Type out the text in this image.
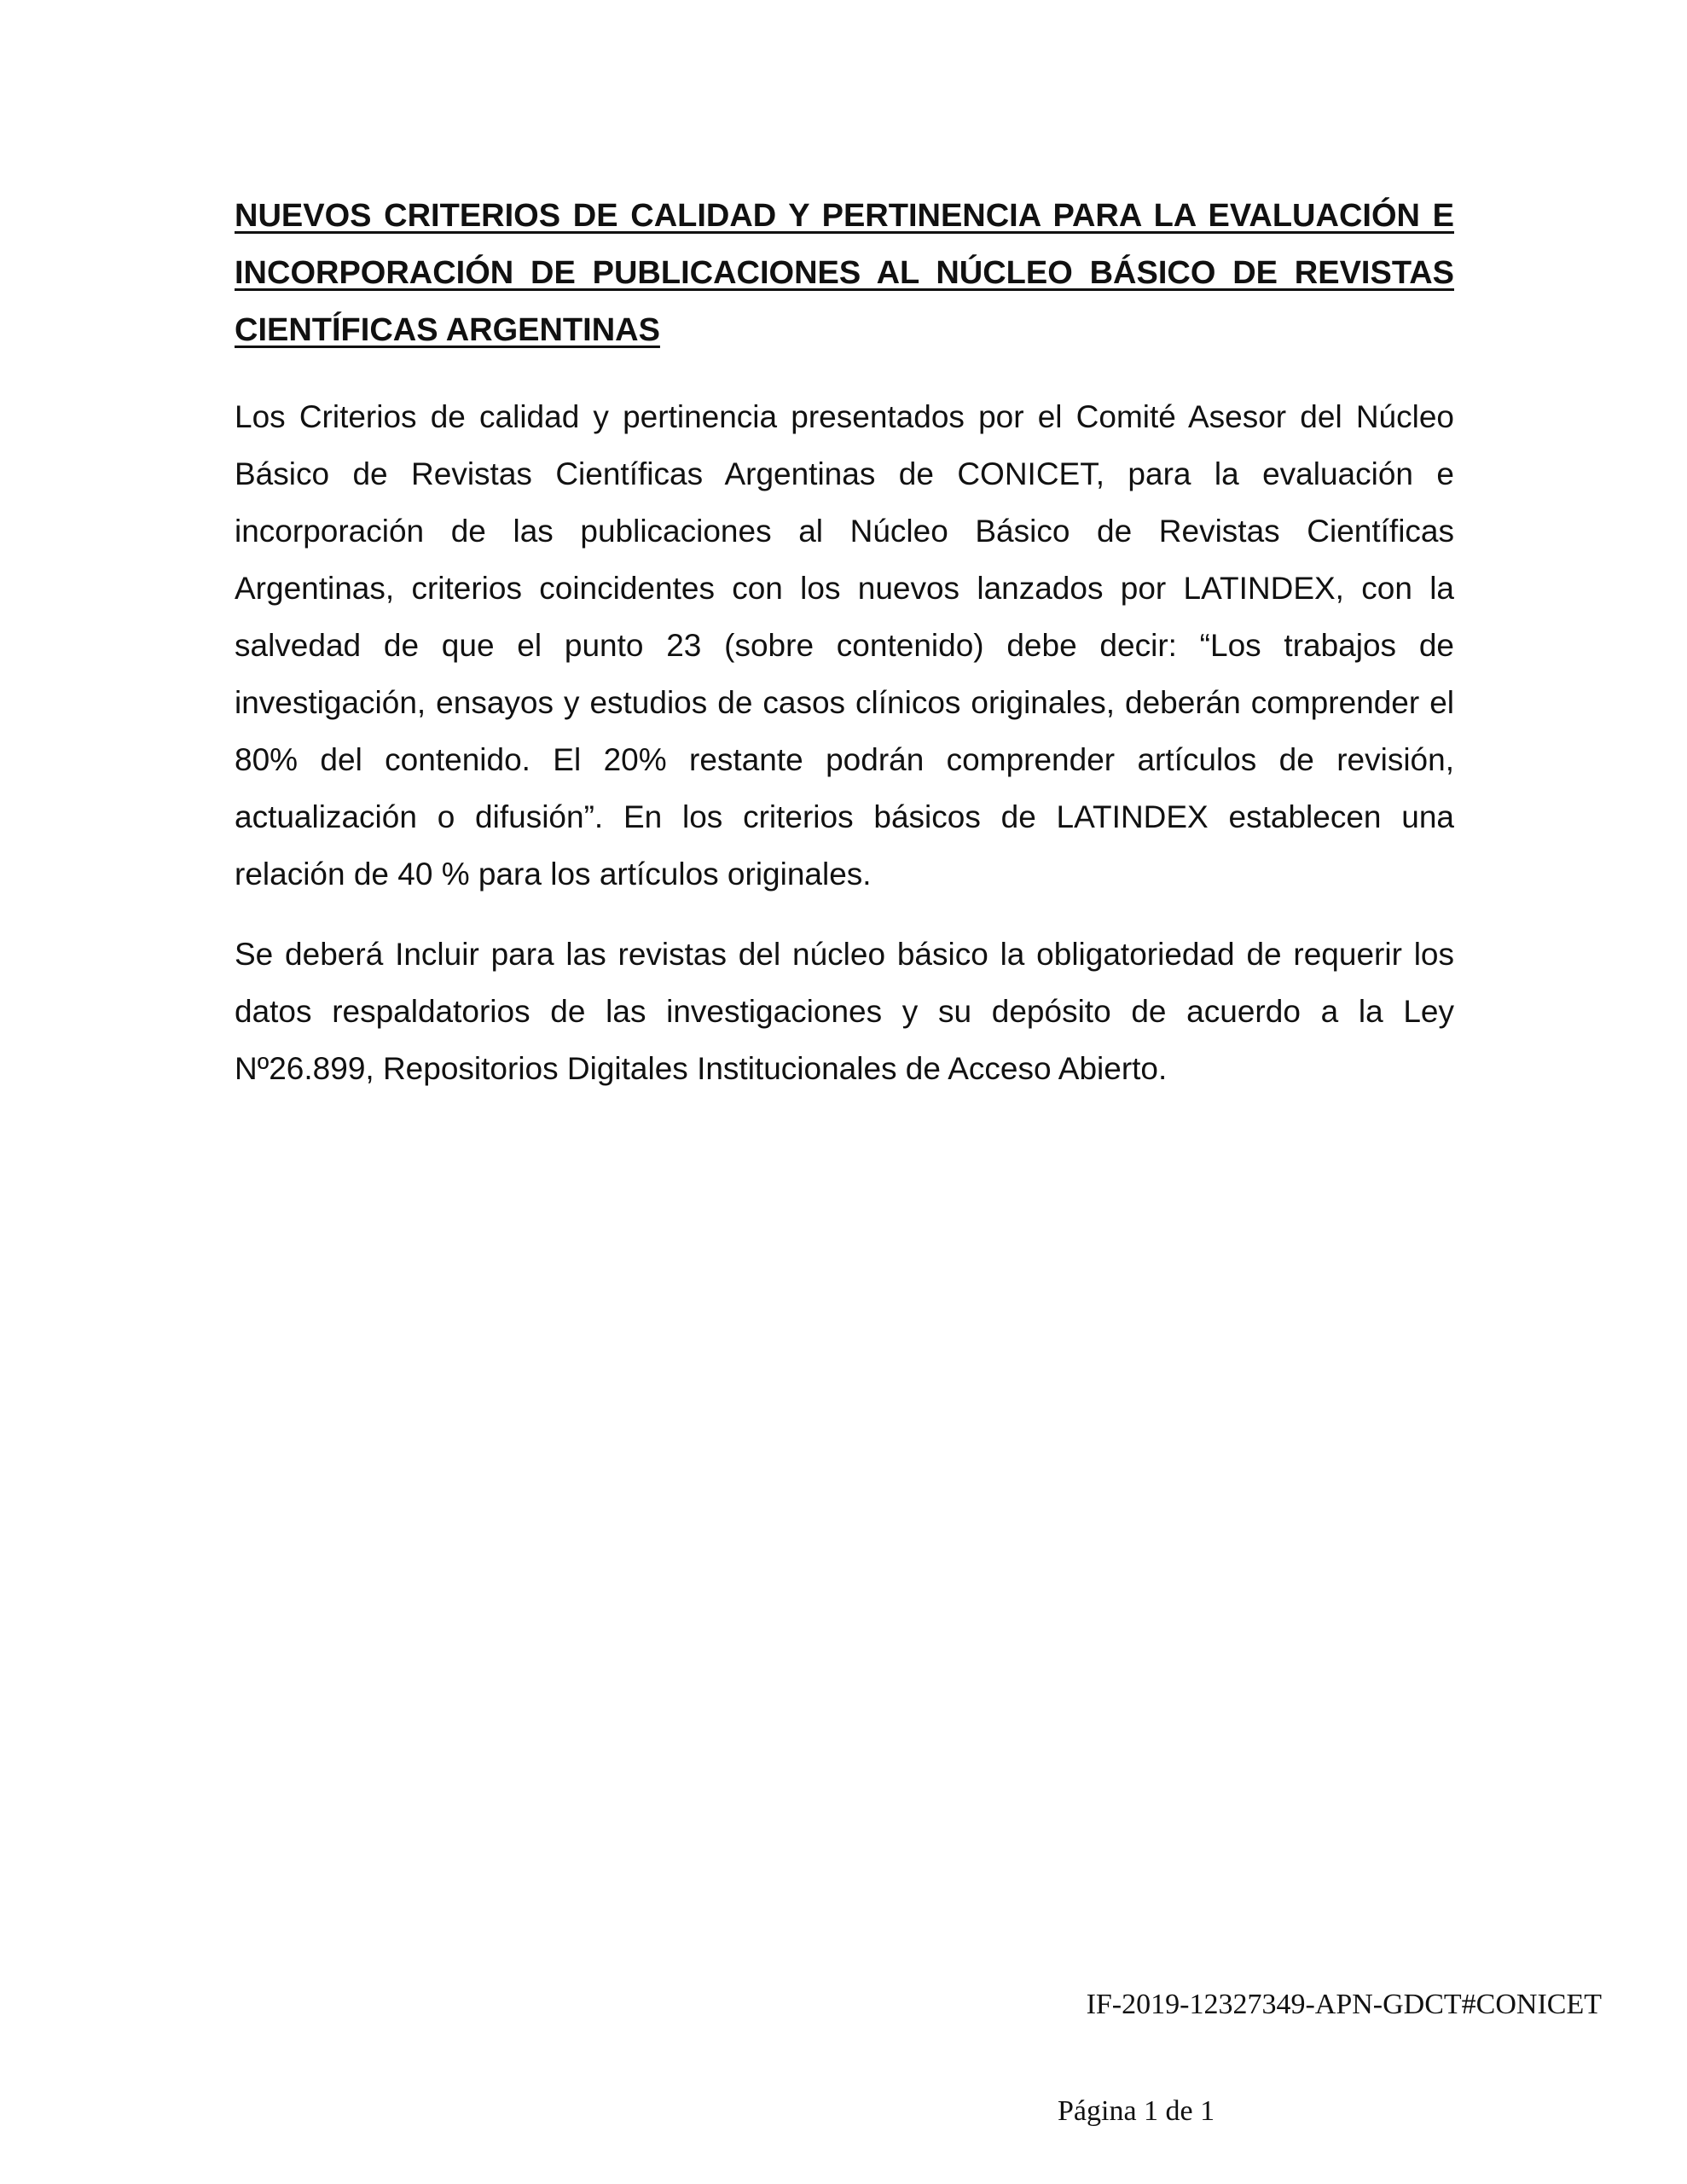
NUEVOS CRITERIOS DE CALIDAD Y PERTINENCIA PARA LA EVALUACIÓN E INCORPORACIÓN DE PUBLICACIONES AL NÚCLEO BÁSICO DE REVISTAS CIENTÍFICAS ARGENTINAS

Los Criterios de calidad y pertinencia presentados por el Comité Asesor del Núcleo Básico de Revistas Científicas Argentinas de CONICET, para la evaluación e incorporación de las publicaciones al Núcleo Básico de Revistas Científicas Argentinas, criterios coincidentes con los nuevos lanzados por LATINDEX, con la salvedad de que el punto 23 (sobre contenido) debe decir: “Los trabajos de investigación, ensayos y estudios de casos clínicos originales, deberán comprender el 80% del contenido. El 20% restante podrán comprender artículos de revisión, actualización o difusión”. En los criterios básicos de LATINDEX establecen una relación de 40 % para los artículos originales.

Se deberá Incluir para las revistas del núcleo básico la obligatoriedad de requerir los datos respaldatorios de las investigaciones y su depósito de acuerdo a la Ley Nº26.899, Repositorios Digitales Institucionales de Acceso Abierto.

IF-2019-12327349-APN-GDCT#CONICET

Página 1 de 1
